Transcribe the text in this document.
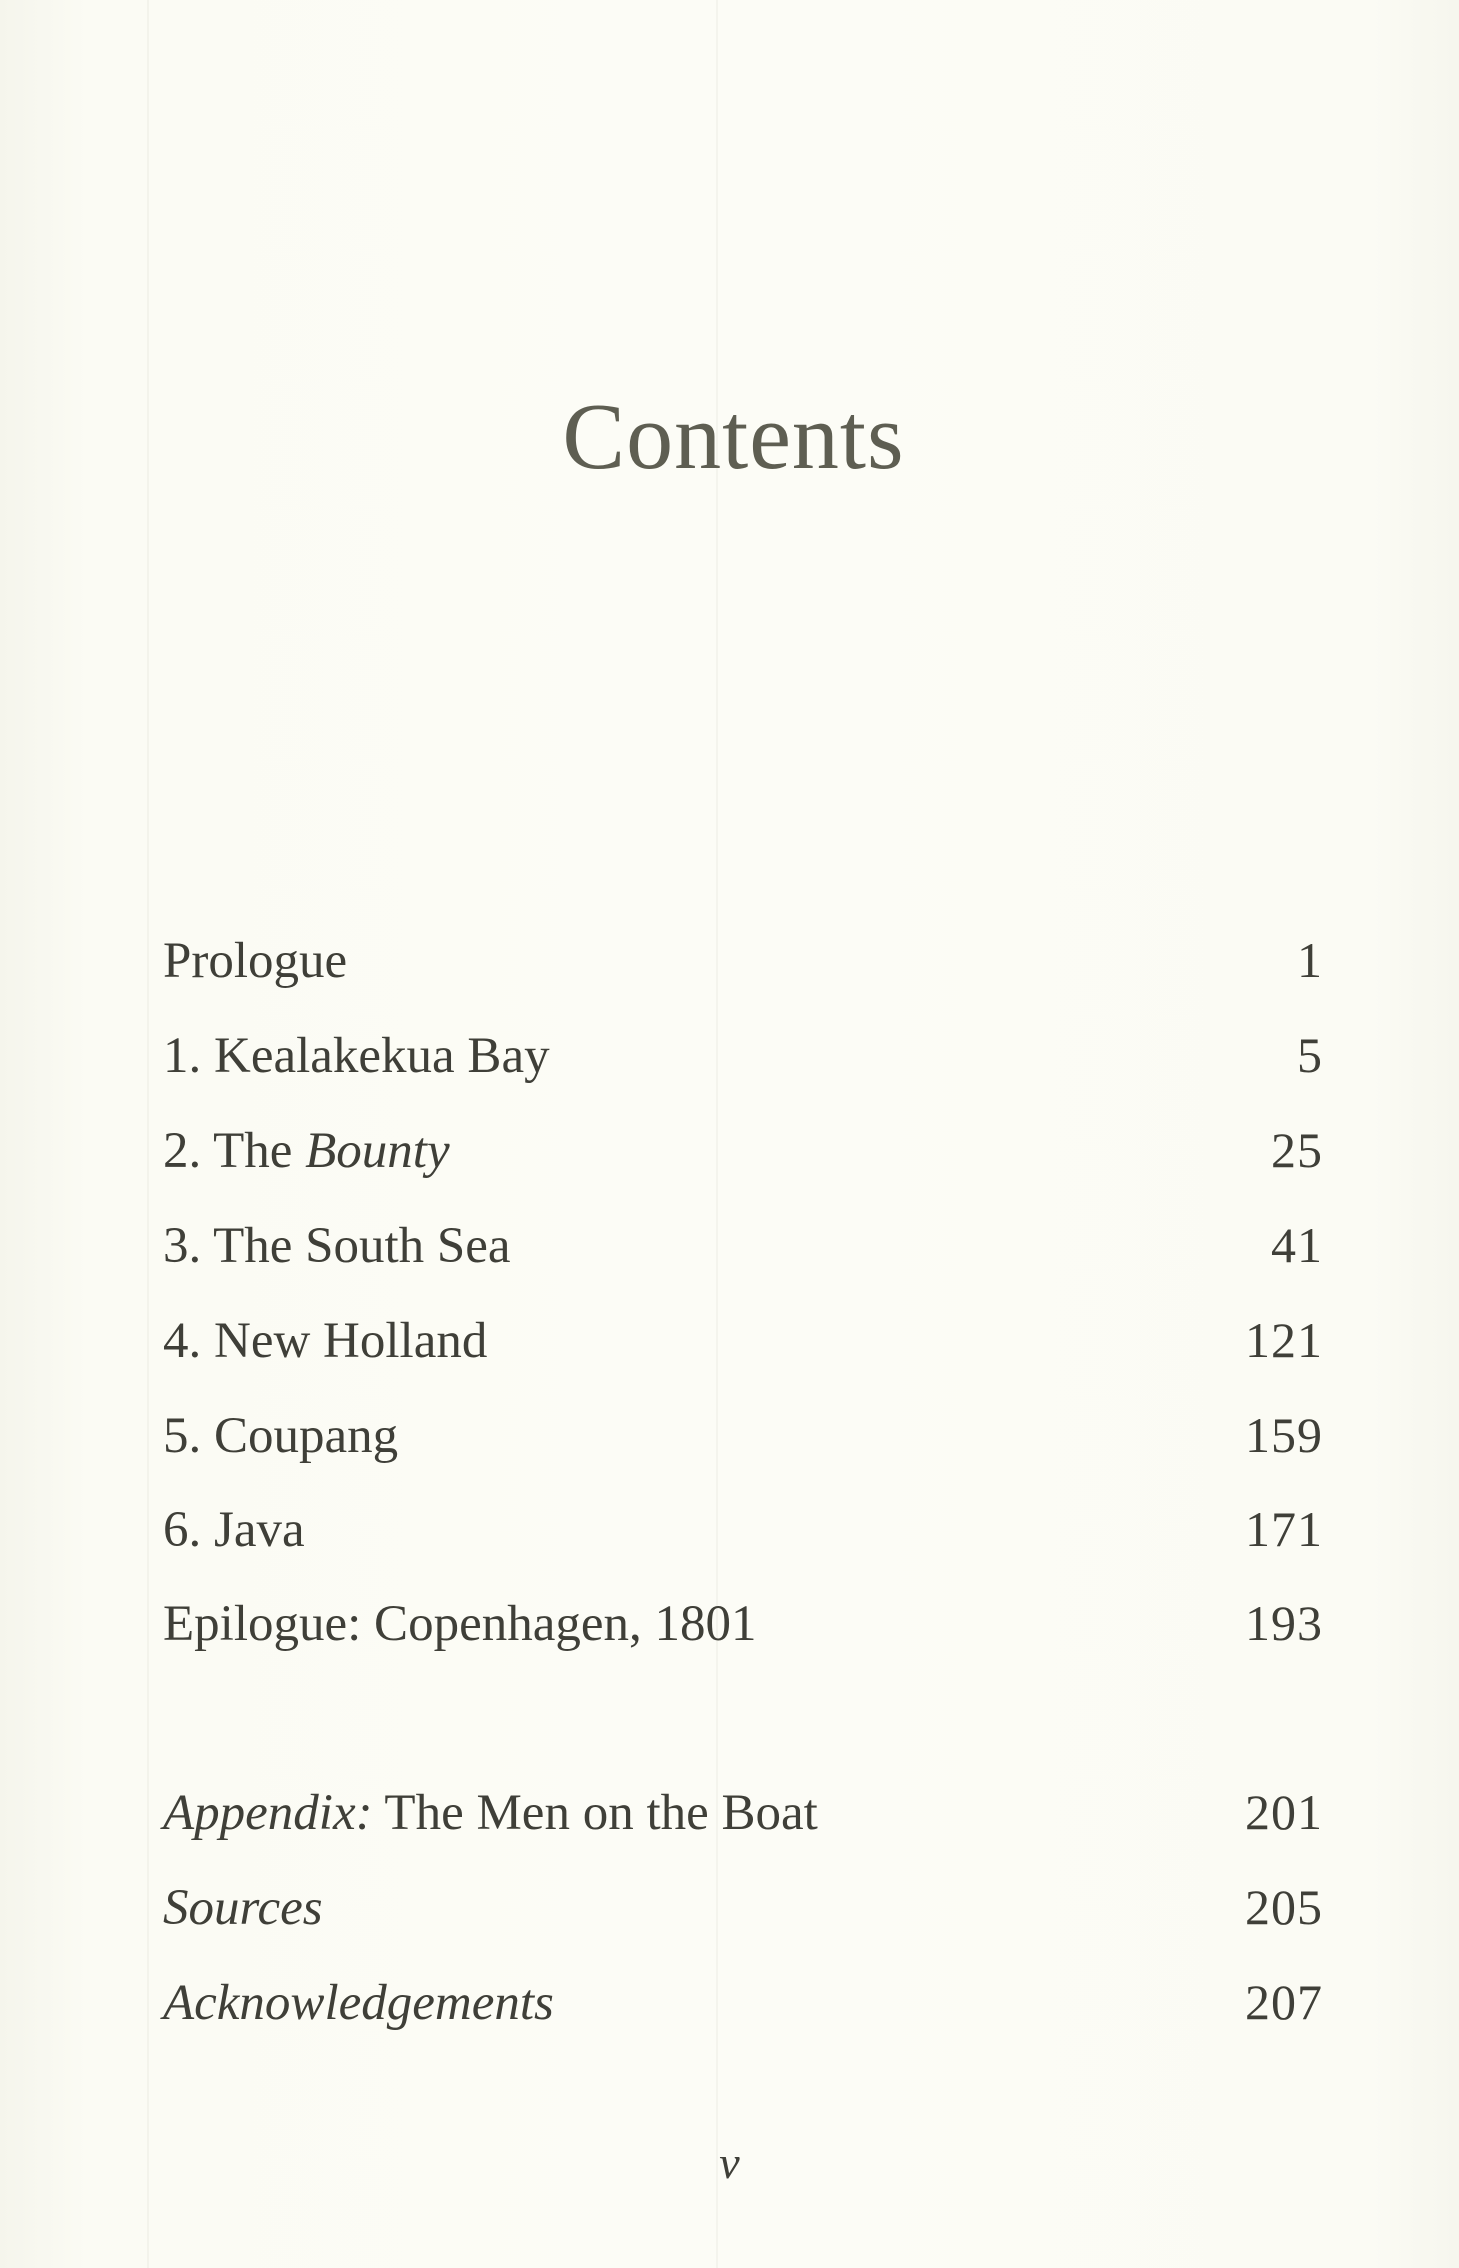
Contents
Prologue	1
1. Kealakekua Bay	5
2. The Bounty	25
3. The South Sea	41
4. New Holland	121
5. Coupang	159
6. Java	171
Epilogue: Copenhagen, 1801	193
Appendix: The Men on the Boat	201
Sources	205
Acknowledgements	207
v
